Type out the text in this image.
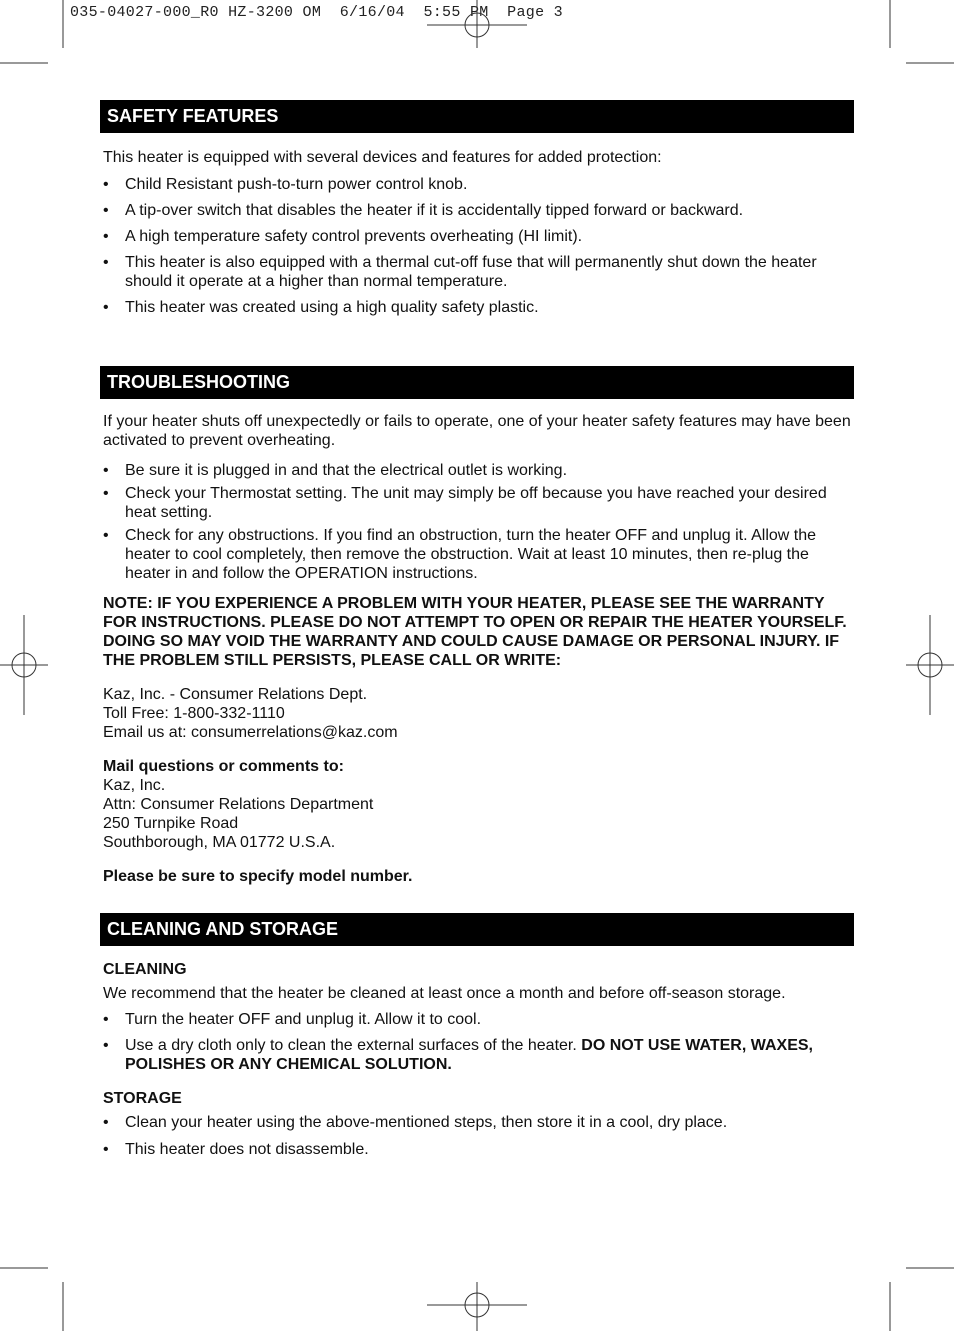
035-04027-000_R0 HZ-3200 OM  6/16/04  5:55 PM  Page 3
SAFETY FEATURES

This heater is equipped with several devices and features for added protection:

• Child Resistant push-to-turn power control knob.
• A tip-over switch that disables the heater if it is accidentally tipped forward or backward.
• A high temperature safety control prevents overheating (HI limit).
• This heater is also equipped with a thermal cut-off fuse that will permanently shut down the heater should it operate at a higher than normal temperature.
• This heater was created using a high quality safety plastic.
TROUBLESHOOTING

If your heater shuts off unexpectedly or fails to operate, one of your heater safety features may have been activated to prevent overheating.

• Be sure it is plugged in and that the electrical outlet is working.
• Check your Thermostat setting. The unit may simply be off because you have reached your desired heat setting.
• Check for any obstructions. If you find an obstruction, turn the heater OFF and unplug it. Allow the heater to cool completely, then remove the obstruction. Wait at least 10 minutes, then re-plug the heater in and follow the OPERATION instructions.

NOTE: IF YOU EXPERIENCE A PROBLEM WITH YOUR HEATER, PLEASE SEE THE WARRANTY FOR INSTRUCTIONS. PLEASE DO NOT ATTEMPT TO OPEN OR REPAIR THE HEATER YOURSELF. DOING SO MAY VOID THE WARRANTY AND COULD CAUSE DAMAGE OR PERSONAL INJURY. IF THE PROBLEM STILL PERSISTS, PLEASE CALL OR WRITE:

Kaz, Inc. - Consumer Relations Dept.
Toll Free: 1-800-332-1110
Email us at: consumerrelations@kaz.com
Mail questions or comments to:
Kaz, Inc.
Attn: Consumer Relations Department
250 Turnpike Road
Southborough, MA 01772 U.S.A.

Please be sure to specify model number.

CLEANING AND STORAGE

CLEANING

We recommend that the heater be cleaned at least once a month and before off-season storage.

• Turn the heater OFF and unplug it. Allow it to cool.
• Use a dry cloth only to clean the external surfaces of the heater. DO NOT USE WATER, WAXES, POLISHES OR ANY CHEMICAL SOLUTION.

STORAGE

• Clean your heater using the above-mentioned steps, then store it in a cool, dry place.
• This heater does not disassemble.
